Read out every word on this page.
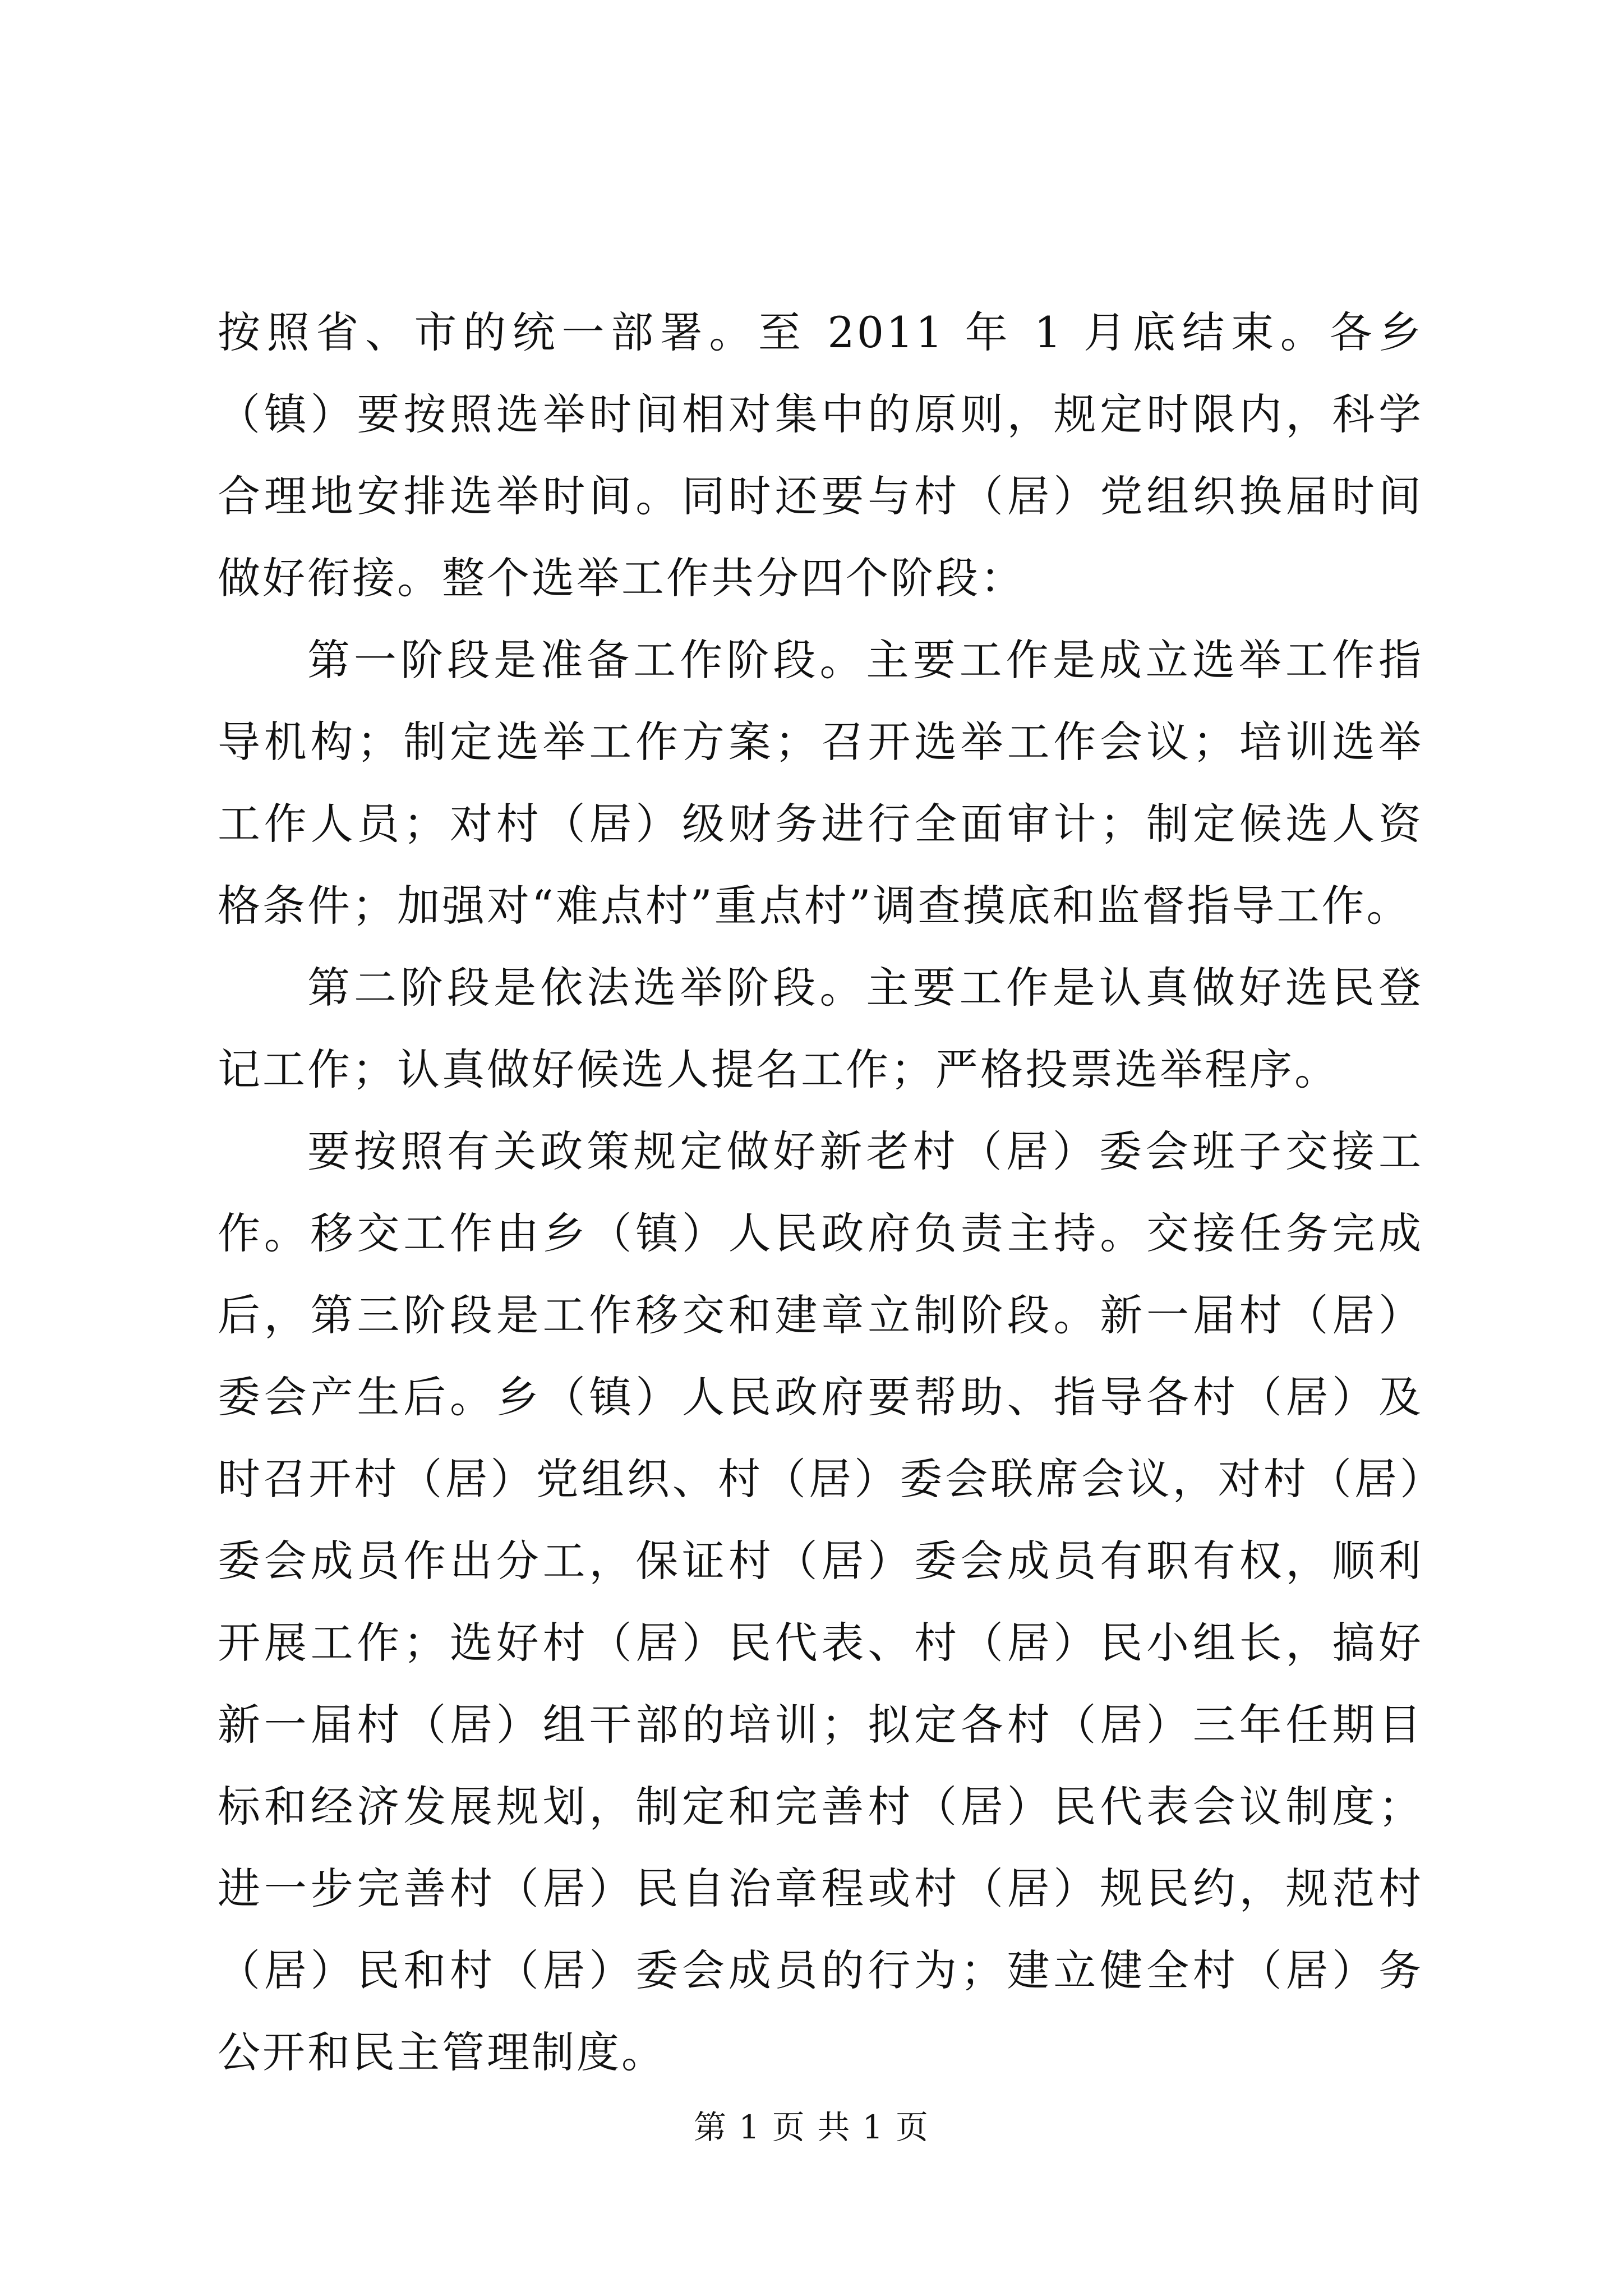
按照省、市的统一部署。至 2011 年 1 月底结束。各乡（镇）要按照选举时间相对集中的原则，规定时限内，科学合理地安排选举时间。同时还要与村（居）党组织换届时间做好衔接。整个选举工作共分四个阶段：

第一阶段是准备工作阶段。主要工作是成立选举工作指导机构；制定选举工作方案；召开选举工作会议；培训选举工作人员；对村（居）级财务进行全面审计；制定候选人资格条件；加强对“难点村”重点村”调查摸底和监督指导工作。

第二阶段是依法选举阶段。主要工作是认真做好选民登记工作；认真做好候选人提名工作；严格投票选举程序。

要按照有关政策规定做好新老村（居）委会班子交接工作。移交工作由乡（镇）人民政府负责主持。交接任务完成后，第三阶段是工作移交和建章立制阶段。新一届村（居）委会产生后。乡（镇）人民政府要帮助、指导各村（居）及时召开村（居）党组织、村（居）委会联席会议，对村（居）委会成员作出分工，保证村（居）委会成员有职有权，顺利开展工作；选好村（居）民代表、村（居）民小组长，搞好新一届村（居）组干部的培训；拟定各村（居）三年任期目标和经济发展规划，制定和完善村（居）民代表会议制度；进一步完善村（居）民自治章程或村（居）规民约，规范村（居）民和村（居）委会成员的行为；建立健全村（居）务公开和民主管理制度。

第 1 页 共 1 页
